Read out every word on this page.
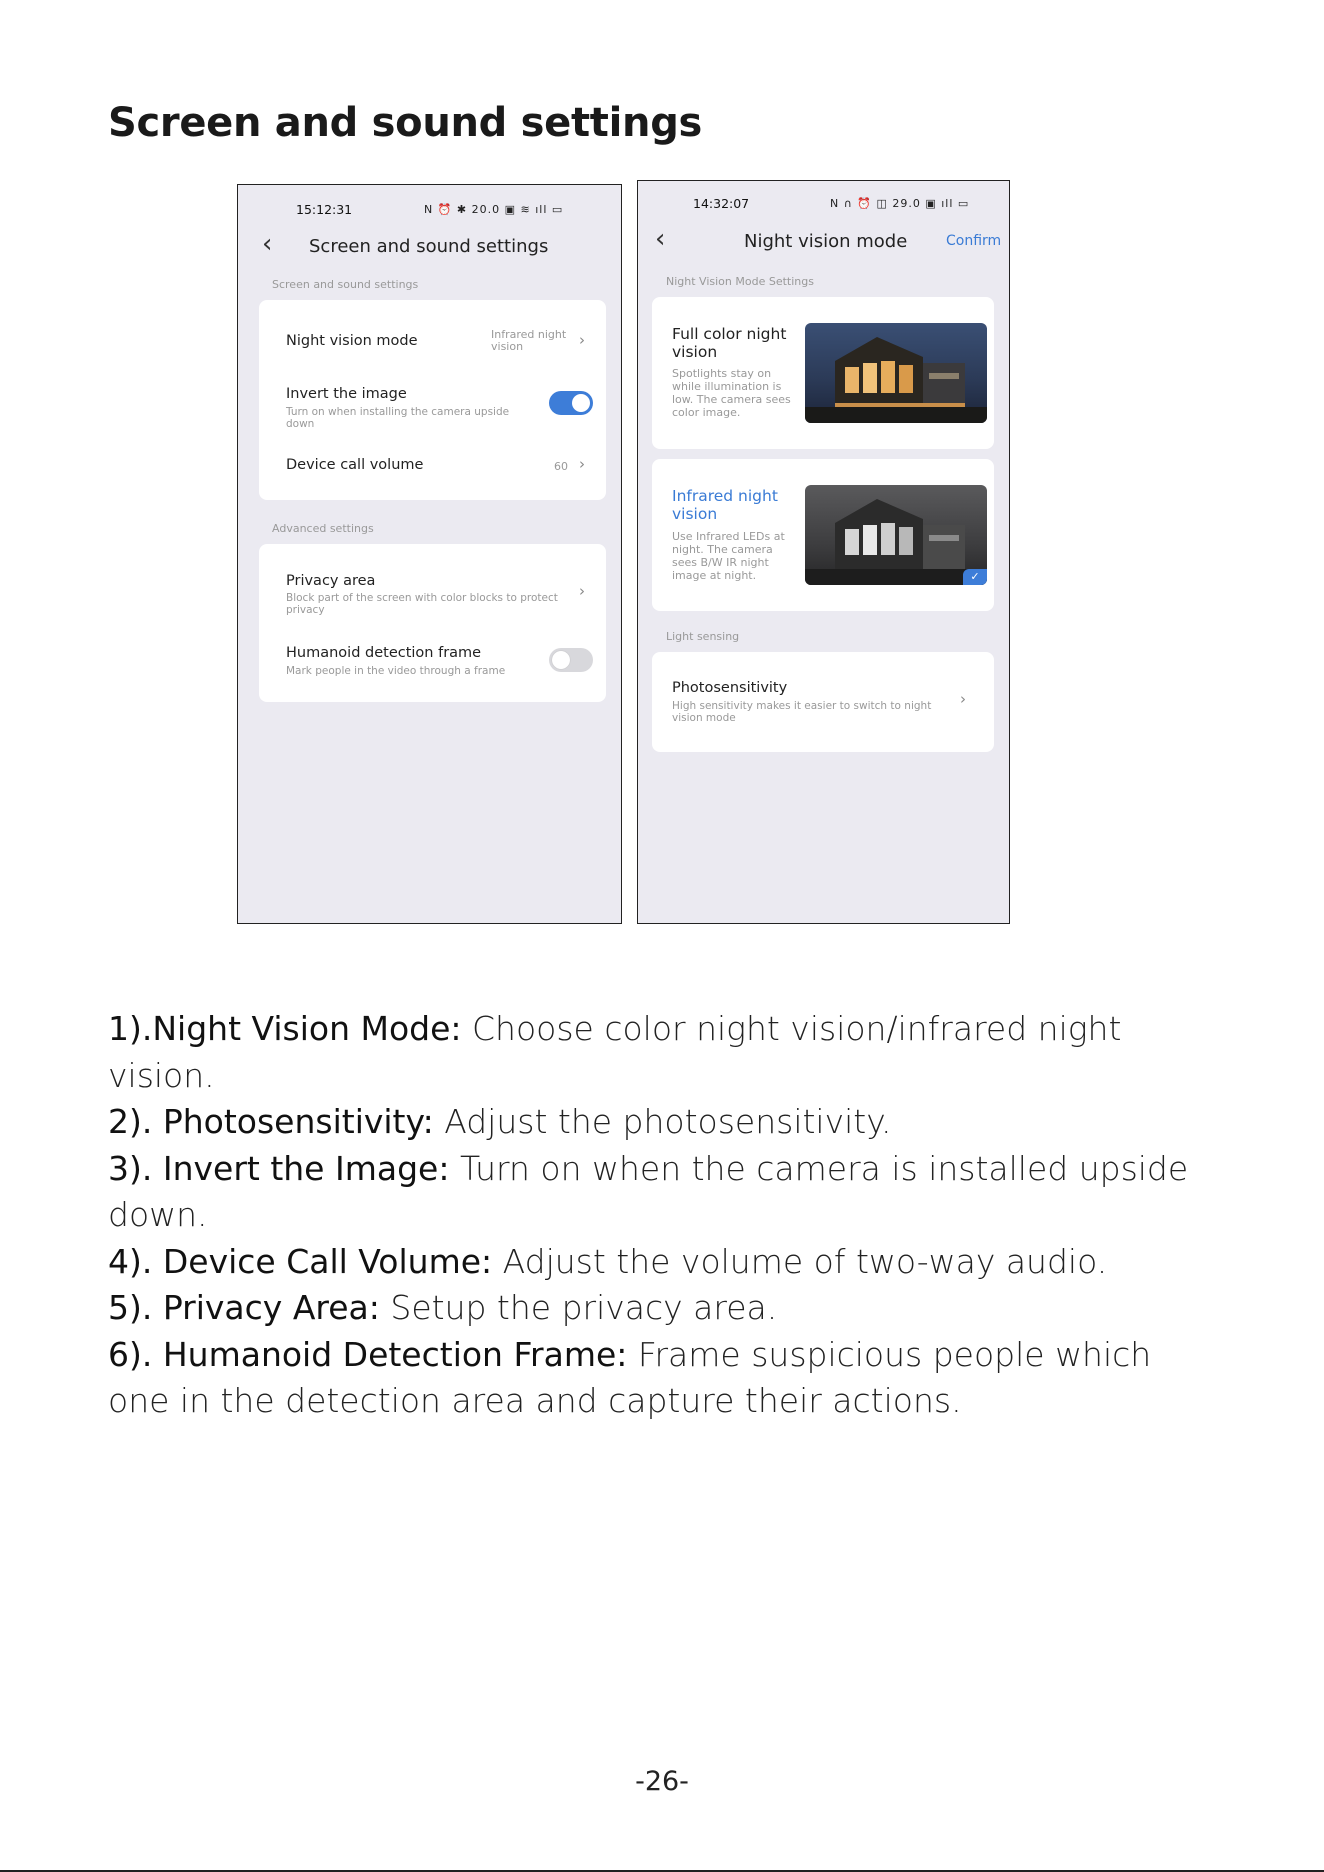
Screen and sound settings
15:12:31	N ⏰ ✱ 20.0 ▣ ≋ ıll ▭
‹ Screen and sound settings
Screen and sound settings
Night vision mode	Infrared night
vision	›
Invert the image
Turn on when installing the camera upside
down
Device call volume	60 ›
Advanced settings
Privacy area
Block part of the screen with color blocks to protect
privacy
›
Humanoid detection frame
Mark people in the video through a frame
14:32:07	N ∩ ⏰ ◫ 29.0 ▣ ıll ▭
‹	Night vision mode	Confirm
Night Vision Mode Settings
Full color night
vision
Spotlights stay on
while illumination is
low. The camera sees
color image.
Infrared night
vision
Use Infrared LEDs at
night. The camera
sees B/W IR night
image at night.	✓
Light sensing
Photosensitivity
High sensitivity makes it easier to switch to night
vision mode
›

1).Night Vision Mode: Choose color night vision/infrared night vision.

2). Photosensitivity: Adjust the photosensitivity.

3). Invert the Image: Turn on when the camera is installed upside down.

4). Device Call Volume: Adjust the volume of two-way audio.

5). Privacy Area: Setup the privacy area.

6). Humanoid Detection Frame: Frame suspicious people which one in the detection area and capture their actions.

-26-
